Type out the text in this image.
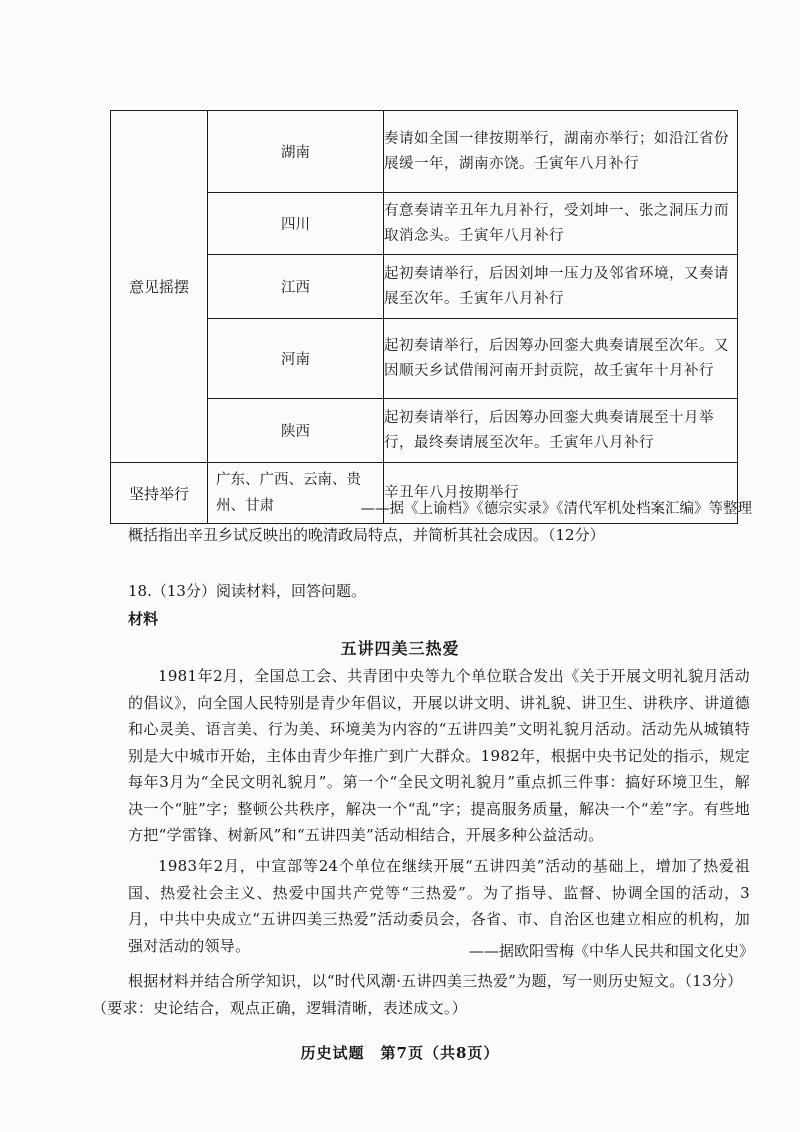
意见摇摆	湖南	奏请如全国一律按期举行，湖南亦举行；如沿江省份展缓一年，湖南亦饶。壬寅年八月补行
	四川	有意奏请辛丑年九月补行，受刘坤一、张之洞压力而取消念头。壬寅年八月补行
	江西	起初奏请举行，后因刘坤一压力及邻省环境，又奏请展至次年。壬寅年八月补行
	河南	起初奏请举行，后因筹办回銮大典奏请展至次年。又因顺天乡试借闱河南开封贡院，故壬寅年十月补行
	陕西	起初奏请举行，后因筹办回銮大典奏请展至十月举行，最终奏请展至次年。壬寅年八月补行
坚持举行	广东、广西、云南、贵州、甘肃	辛丑年八月按期举行
——据《上谕档》《德宗实录》《清代军机处档案汇编》等整理
概括指出辛丑乡试反映出的晚清政局特点，并简析其社会成因。（12分）
18.（13分）阅读材料，回答问题。
材料
五讲四美三热爱
1981年2月，全国总工会、共青团中央等九个单位联合发出《关于开展文明礼貌月活动的倡议》，向全国人民特别是青少年倡议，开展以讲文明、讲礼貌、讲卫生、讲秩序、讲道德和心灵美、语言美、行为美、环境美为内容的“五讲四美”文明礼貌月活动。活动先从城镇特别是大中城市开始，主体由青少年推广到广大群众。1982年，根据中央书记处的指示，规定每年3月为“全民文明礼貌月”。第一个“全民文明礼貌月”重点抓三件事：搞好环境卫生，解决一个“脏”字；整顿公共秩序，解决一个“乱”字；提高服务质量，解决一个“差”字。有些地方把“学雷锋、树新风”和“五讲四美”活动相结合，开展多种公益活动。
1983年2月，中宣部等24个单位在继续开展“五讲四美”活动的基础上，增加了热爱祖国、热爱社会主义、热爱中国共产党等“三热爱”。为了指导、监督、协调全国的活动，3月，中共中央成立“五讲四美三热爱”活动委员会，各省、市、自治区也建立相应的机构，加强对活动的领导。	——据欧阳雪梅《中华人民共和国文化史》
根据材料并结合所学知识，以“时代风潮·五讲四美三热爱”为题，写一则历史短文。（13分）（要求：史论结合，观点正确，逻辑清晰，表述成文。）
历史试题　第7页（共8页）
